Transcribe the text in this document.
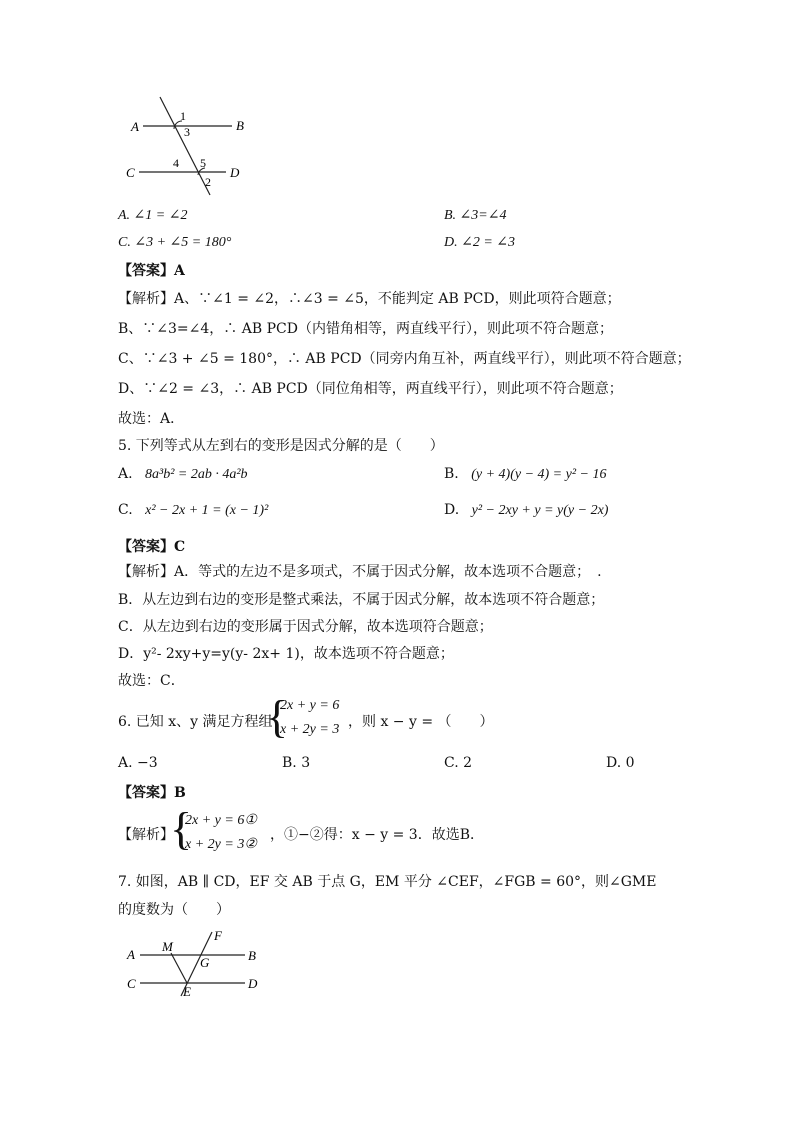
A	B
C	D
1
3
4 5
2
A. ∠1 = ∠2	B. ∠3=∠4
C. ∠3 + ∠5 = 180°	D. ∠2 = ∠3
【答案】A
【解析】A、∵∠1 = ∠2，∴∠3 = ∠5，不能判定 AB PCD，则此项符合题意；
B、∵∠3=∠4，∴ AB PCD（内错角相等，两直线平行），则此项不符合题意；
C、∵∠3 + ∠5 = 180°，∴ AB PCD（同旁内角互补，两直线平行），则此项不符合题意；
D、∵∠2 = ∠3，∴ AB PCD（同位角相等，两直线平行），则此项不符合题意；
故选：A．
5. 下列等式从左到右的变形是因式分解的是（　　）
A. 8a³b² = 2ab · 4a²b	B. (y + 4)(y − 4) = y² − 16
C. x² − 2x + 1 = (x − 1)²	D. y² − 2xy + y = y(y − 2x)
【答案】C
【解析】A．等式的左边不是多项式，不属于因式分解，故本选项不合题意；　.
B．从左边到右边的变形是整式乘法，不属于因式分解，故本选项不符合题意；
C．从左边到右边的变形属于因式分解，故本选项符合题意；
D．y²- 2xy+y=y(y- 2x+ 1)，故本选项不符合题意；
故选：C．
6. 已知 x、y 满足方程组
{
2x + y = 6
x + 2y = 3 ，则 x − y = （　　）
A. −3	B. 3	C. 2	D. 0
【答案】B
【解析】
{
2x + y = 6①
x + 2y = 3②
，①−②得：x − y = 3．故选B．
7. 如图，AB ∥ CD，EF 交 AB 于点 G，EM 平分 ∠CEF，∠FGB = 60°，则∠GME
的度数为（　　）
A	B
C	D
M
F
G
E
